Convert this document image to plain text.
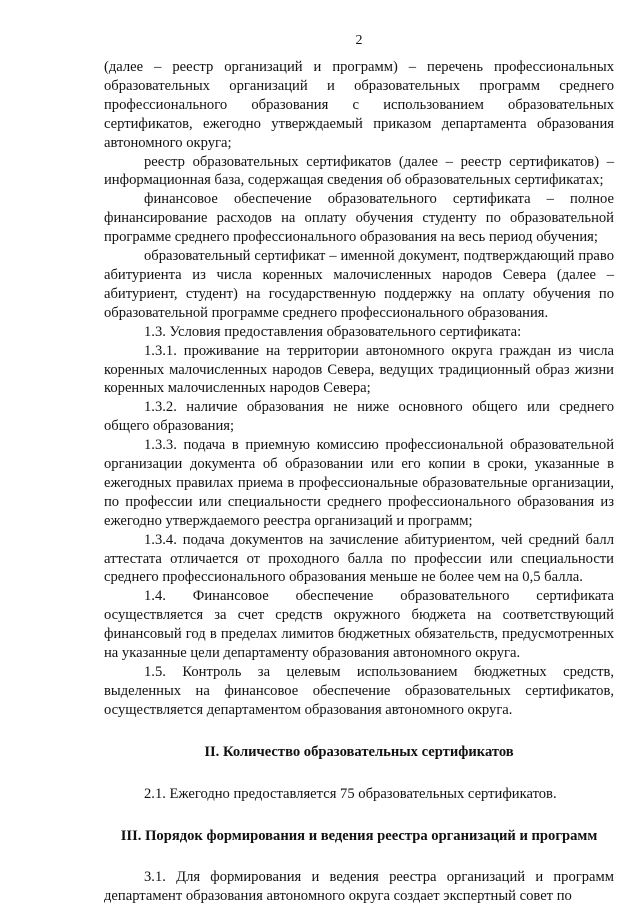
2

(далее – реестр организаций и программ) – перечень профессиональных образовательных организаций и образовательных программ среднего профессионального образования с использованием образовательных сертификатов, ежегодно утверждаемый приказом департамента образования автономного округа;

реестр образовательных сертификатов (далее – реестр сертификатов) – информационная база, содержащая сведения об образовательных сертификатах;

финансовое обеспечение образовательного сертификата – полное финансирование расходов на оплату обучения студенту по образовательной программе среднего профессионального образования на весь период обучения;

образовательный сертификат – именной документ, подтверждающий право абитуриента из числа коренных малочисленных народов Севера (далее – абитуриент, студент) на государственную поддержку на оплату обучения по образовательной программе среднего профессионального образования.

1.3. Условия предоставления образовательного сертификата:

1.3.1. проживание на территории автономного округа граждан из числа коренных малочисленных народов Севера, ведущих традиционный образ жизни коренных малочисленных народов Севера;

1.3.2. наличие образования не ниже основного общего или среднего общего образования;

1.3.3. подача в приемную комиссию профессиональной образовательной организации документа об образовании или его копии в сроки, указанные в ежегодных правилах приема в профессиональные образовательные организации, по профессии или специальности среднего профессионального образования из ежегодно утверждаемого реестра организаций и программ;

1.3.4. подача документов на зачисление абитуриентом, чей средний балл аттестата отличается от проходного балла по профессии или специальности среднего профессионального образования меньше не более чем на 0,5 балла.

1.4. Финансовое обеспечение образовательного сертификата осуществляется за счет средств окружного бюджета на соответствующий финансовый год в пределах лимитов бюджетных обязательств, предусмотренных на указанные цели департаменту образования автономного округа.

1.5. Контроль за целевым использованием бюджетных средств, выделенных на финансовое обеспечение образовательных сертификатов, осуществляется департаментом образования автономного округа.

II. Количество образовательных сертификатов

2.1. Ежегодно предоставляется 75 образовательных сертификатов.

III. Порядок формирования и ведения реестра организаций и программ

3.1. Для формирования и ведения реестра организаций и программ департамент образования автономного округа создает экспертный совет по
